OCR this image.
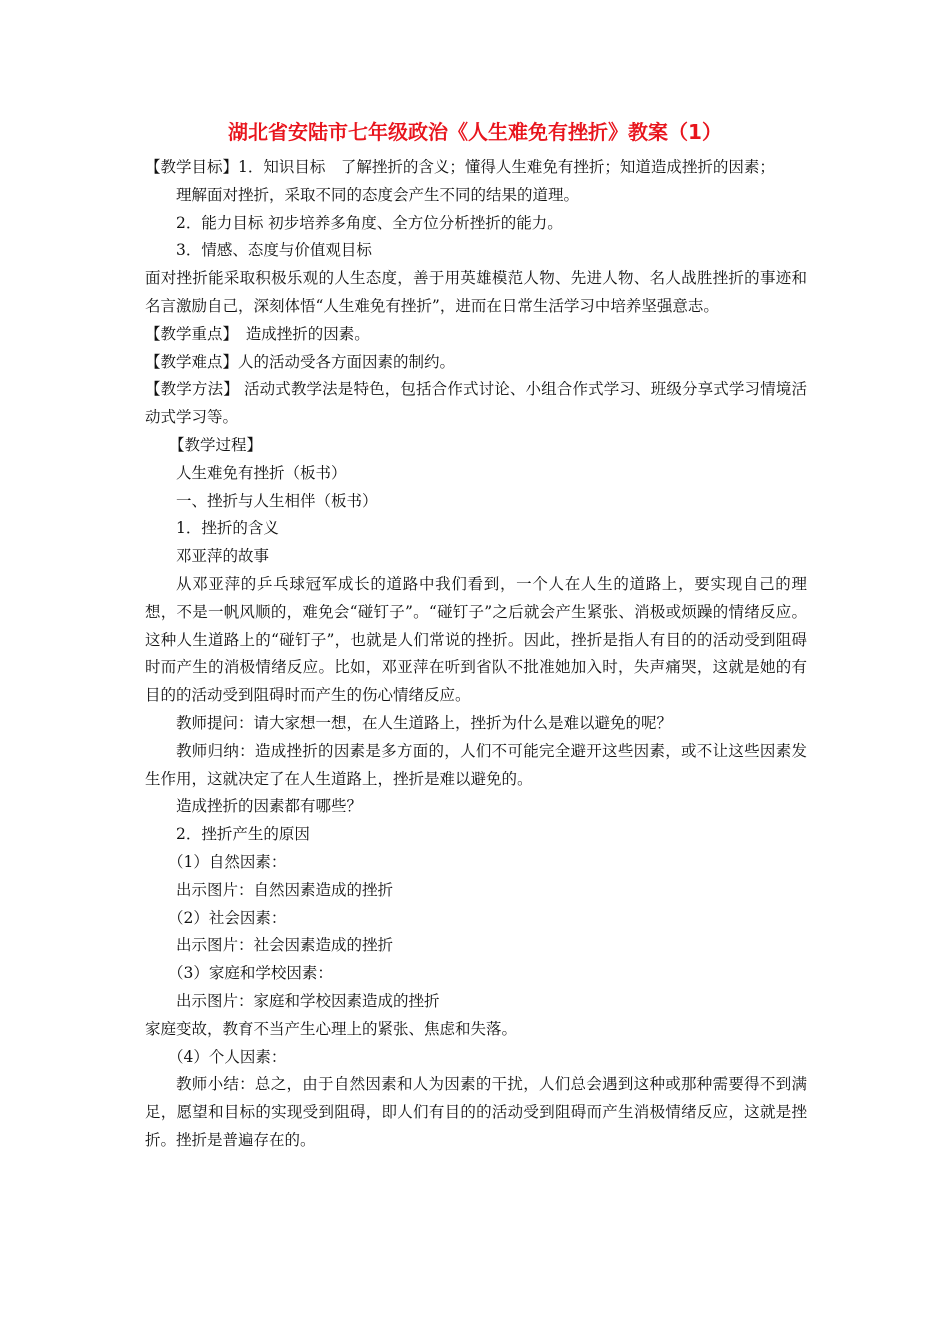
湖北省安陆市七年级政治《人生难免有挫折》教案（1）

【教学目标】1．知识目标　了解挫折的含义；懂得人生难免有挫折；知道造成挫折的因素；

理解面对挫折，采取不同的态度会产生不同的结果的道理。

2．能力目标 初步培养多角度、全方位分析挫折的能力。

3．情感、态度与价值观目标

面对挫折能采取积极乐观的人生态度，善于用英雄模范人物、先进人物、名人战胜挫折的事迹和名言激励自己，深刻体悟“人生难免有挫折”，进而在日常生活学习中培养坚强意志。

【教学重点】　造成挫折的因素。

【教学难点】人的活动受各方面因素的制约。

【教学方法】 活动式教学法是特色，包括合作式讨论、小组合作式学习、班级分享式学习情境活动式学习等。

【教学过程】

人生难免有挫折（板书）

一、挫折与人生相伴（板书）

1．挫折的含义

邓亚萍的故事

从邓亚萍的乒乓球冠军成长的道路中我们看到，一个人在人生的道路上，要实现自己的理想，不是一帆风顺的，难免会“碰钉子”。“碰钉子”之后就会产生紧张、消极或烦躁的情绪反应。这种人生道路上的“碰钉子”，也就是人们常说的挫折。因此，挫折是指人有目的的活动受到阻碍时而产生的消极情绪反应。比如，邓亚萍在听到省队不批准她加入时，失声痛哭，这就是她的有目的的活动受到阻碍时而产生的伤心情绪反应。

教师提问：请大家想一想，在人生道路上，挫折为什么是难以避免的呢？

教师归纳：造成挫折的因素是多方面的，人们不可能完全避开这些因素，或不让这些因素发生作用，这就决定了在人生道路上，挫折是难以避免的。

造成挫折的因素都有哪些？

2．挫折产生的原因

（1）自然因素：

出示图片：自然因素造成的挫折

（2）社会因素：

出示图片：社会因素造成的挫折

（3）家庭和学校因素：

出示图片：家庭和学校因素造成的挫折

家庭变故，教育不当产生心理上的紧张、焦虑和失落。

（4）个人因素：

教师小结：总之，由于自然因素和人为因素的干扰，人们总会遇到这种或那种需要得不到满足，愿望和目标的实现受到阻碍，即人们有目的的活动受到阻碍而产生消极情绪反应，这就是挫折。挫折是普遍存在的。
